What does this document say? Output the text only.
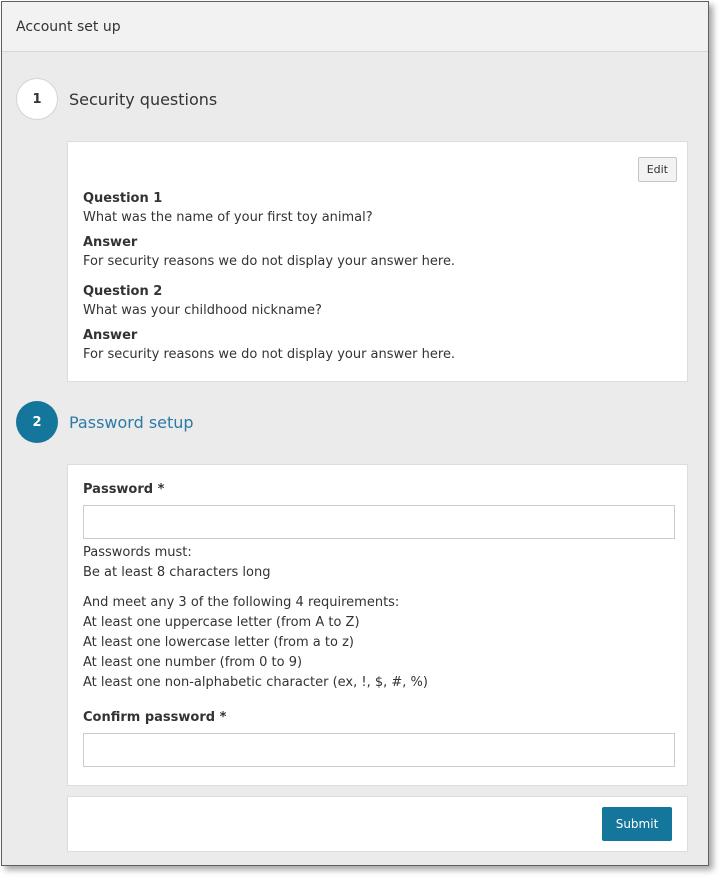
Account set up
1	Security questions
Edit
Question 1
What was the name of your first toy animal?
Answer
For security reasons we do not display your answer here.
Question 2
What was your childhood nickname?
Answer
For security reasons we do not display your answer here.
2	Password setup
Password *
Passwords must:
Be at least 8 characters long
And meet any 3 of the following 4 requirements:
At least one uppercase letter (from A to Z)
At least one lowercase letter (from a to z)
At least one number (from 0 to 9)
At least one non-alphabetic character (ex, !, $, #, %)
Confirm password *
Submit
